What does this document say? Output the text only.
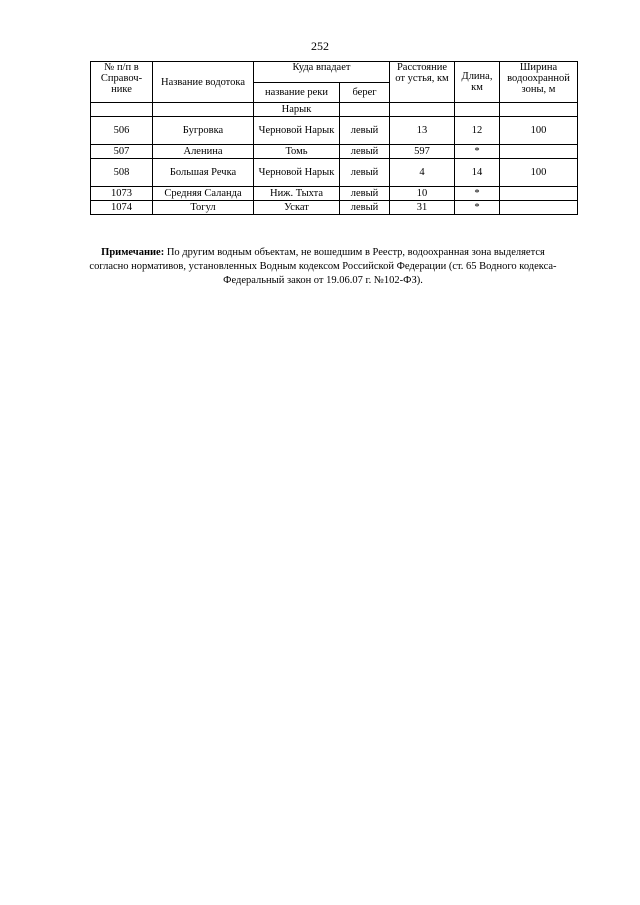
252
№ п/п в Справоч-нике	Название водотока	Куда впадает		Расстояние от устья, км	Длина, км	Ширина водоохранной зоны, м
		название реки	берег			
		Нарык				
506	Бугровка	Черновой Нарык	левый	13	12	100
507	Аленина	Томь	левый	597	*	
508	Большая Речка	Черновой Нарык	левый	4	14	100
1073	Средняя Саланда	Ниж. Тыхта	левый	10	*	
1074	Тогул	Ускат	левый	31	*	
Примечание: По другим водным объектам, не вошедшим в Реестр, водоохранная зона выделяется согласно нормативов, установленных Водным кодексом Российской Федерации (ст. 65 Водного кодекса-Федеральный закон от 19.06.07 г. №102-ФЗ).
